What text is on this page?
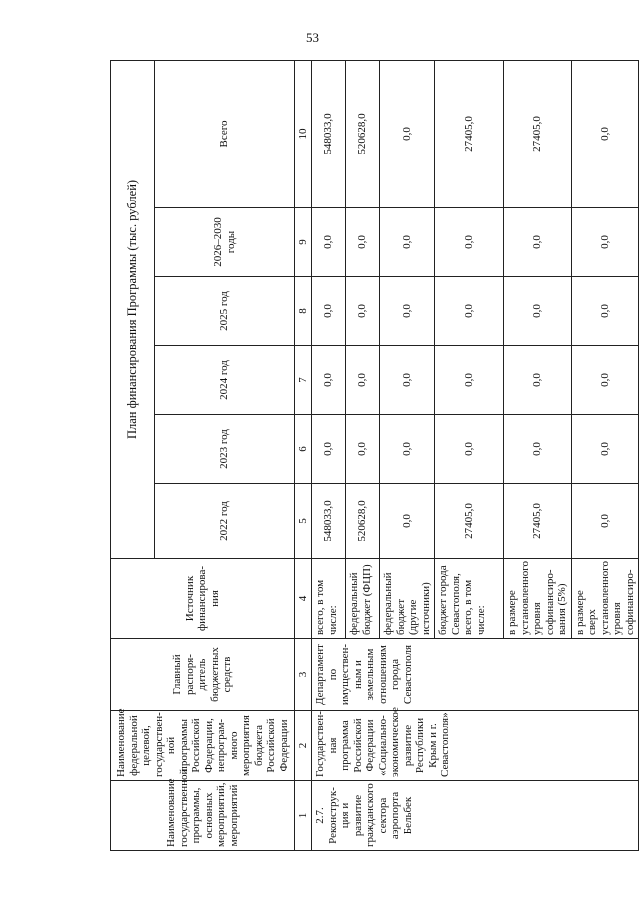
53
Наименование государственной программы, основных мероприятий, мероприятий	Наименование федеральной целевой, государствен-ной программы Российской Федерации, непрограм-много мероприятия бюджета Российской Федерации	Главный распоря-дитель бюджетных средств	Источник финансирова-ния	План финансирования Программы (тыс. рублей)					
				2022 год	2023 год	2024 год	2025 год	2026–2030 годы	Всего
1	2	3	4	5	6	7	8	9	10
2.7. Реконструк-ция и развитие гражданского сектора аэропорта Бельбек	Государствен-ная программа Российской Федерации «Социально-экономическое развитие Республики Крым и г. Севастополя»	Департамент по имуществен-ным и земельным отношениям города Севастополя	всего, в том числе:	548033,0	0,0	0,0	0,0	0,0	548033,0
			федеральный бюджет (ФЦП)	520628,0	0,0	0,0	0,0	0,0	520628,0
			федеральный бюджет (другие источники)	0,0	0,0	0,0	0,0	0,0	0,0
			бюджет города Севастополя, всего, в том числе:	27405,0	0,0	0,0	0,0	0,0	27405,0
			в размере установленного уровня софинансиро-вания (5%)	27405,0	0,0	0,0	0,0	0,0	27405,0
			в размере сверх установленного уровня софинансиро-	0,0	0,0	0,0	0,0	0,0	0,0
